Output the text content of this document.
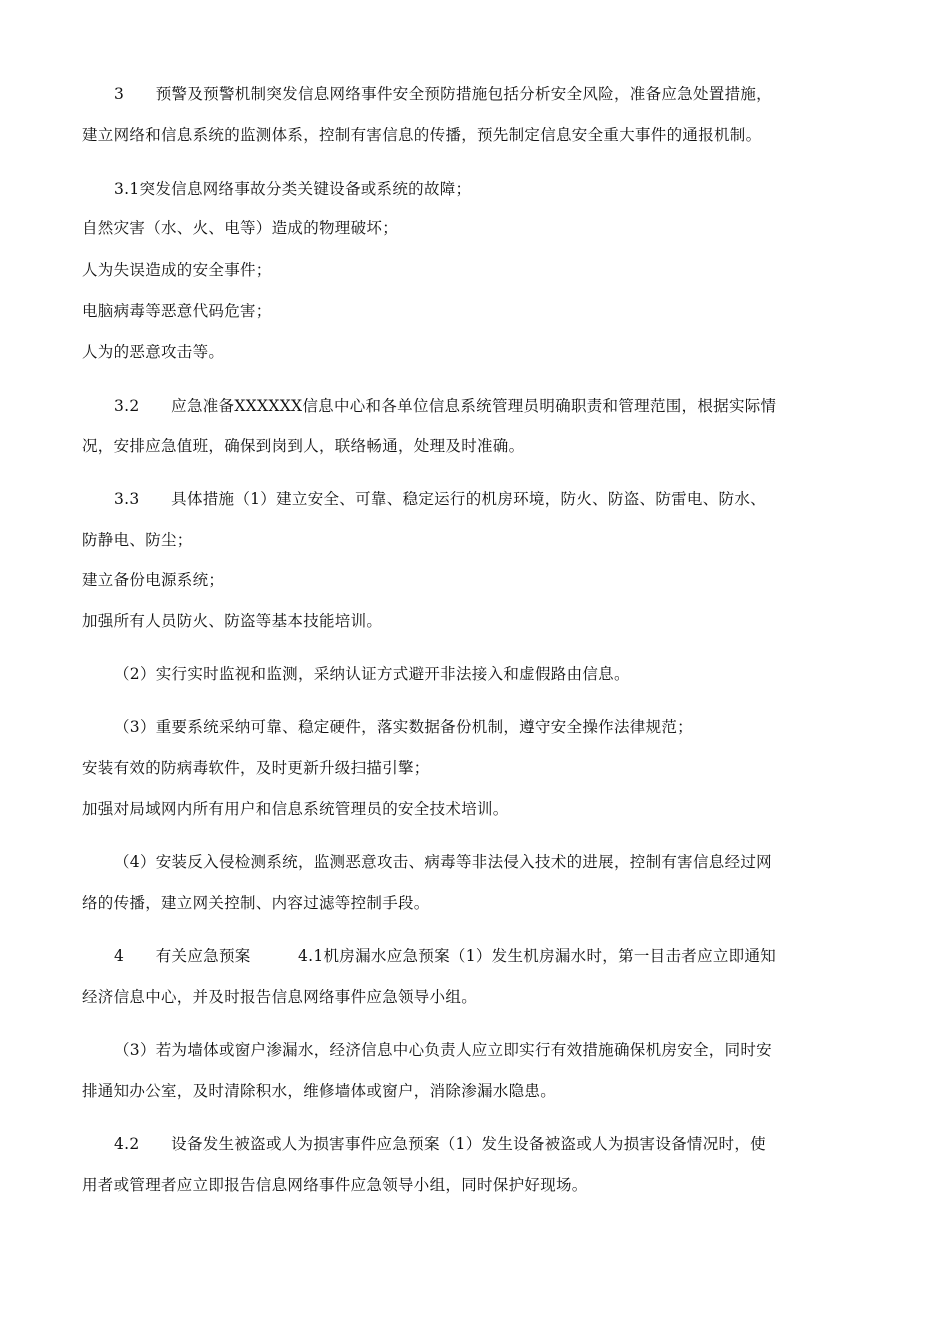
3　　预警及预警机制突发信息网络事件安全预防措施包括分析安全风险，准备应急处置措施，
建立网络和信息系统的监测体系，控制有害信息的传播，预先制定信息安全重大事件的通报机制。
3.1突发信息网络事故分类关键设备或系统的故障；
自然灾害（水、火、电等）造成的物理破坏；
人为失误造成的安全事件；
电脑病毒等恶意代码危害；
人为的恶意攻击等。
3.2　　应急准备XXXXXX信息中心和各单位信息系统管理员明确职责和管理范围，根据实际情
况，安排应急值班，确保到岗到人，联络畅通，处理及时准确。
3.3　　具体措施（1）建立安全、可靠、稳定运行的机房环境，防火、防盗、防雷电、防水、
防静电、防尘；
建立备份电源系统；
加强所有人员防火、防盗等基本技能培训。
（2）实行实时监视和监测，采纳认证方式避开非法接入和虚假路由信息。
（3）重要系统采纳可靠、稳定硬件，落实数据备份机制，遵守安全操作法律规范；
安装有效的防病毒软件，及时更新升级扫描引擎；
加强对局域网内所有用户和信息系统管理员的安全技术培训。
（4）安装反入侵检测系统，监测恶意攻击、病毒等非法侵入技术的进展，控制有害信息经过网
络的传播，建立网关控制、内容过滤等控制手段。
4　　有关应急预案　　　4.1机房漏水应急预案（1）发生机房漏水时，第一目击者应立即通知
经济信息中心，并及时报告信息网络事件应急领导小组。
（3）若为墙体或窗户渗漏水，经济信息中心负责人应立即实行有效措施确保机房安全，同时安
排通知办公室，及时清除积水，维修墙体或窗户，消除渗漏水隐患。
4.2　　设备发生被盗或人为损害事件应急预案（1）发生设备被盗或人为损害设备情况时，使
用者或管理者应立即报告信息网络事件应急领导小组，同时保护好现场。
